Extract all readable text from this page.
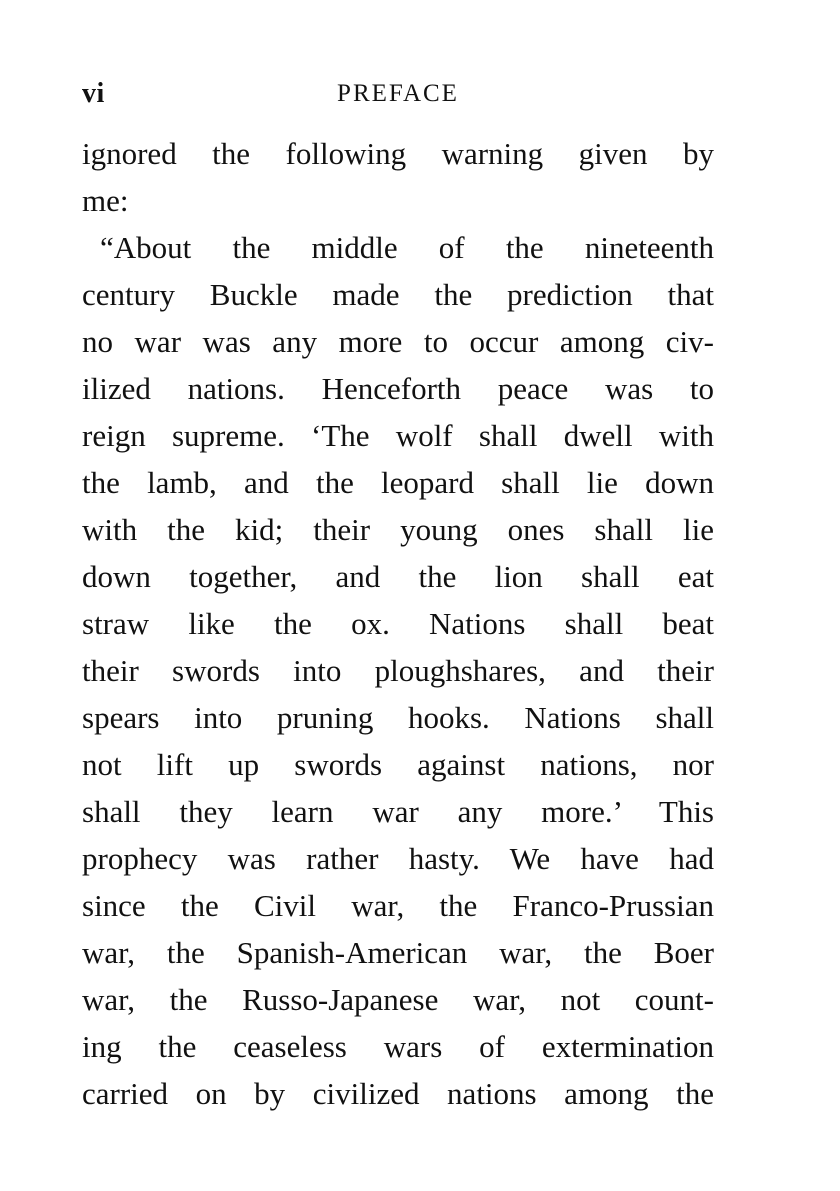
vi	PREFACE
ignored the following warning given by
me:
“About the middle of the nineteenth
century Buckle made the prediction that
no war was any more to occur among civ-
ilized nations. Henceforth peace was to
reign supreme. ‘The wolf shall dwell with
the lamb, and the leopard shall lie down
with the kid; their young ones shall lie
down together, and the lion shall eat
straw like the ox. Nations shall beat
their swords into ploughshares, and their
spears into pruning hooks. Nations shall
not lift up swords against nations, nor
shall they learn war any more.’ This
prophecy was rather hasty. We have had
since the Civil war, the Franco-Prussian
war, the Spanish-American war, the Boer
war, the Russo-Japanese war, not count-
ing the ceaseless wars of extermination
carried on by civilized nations among the
